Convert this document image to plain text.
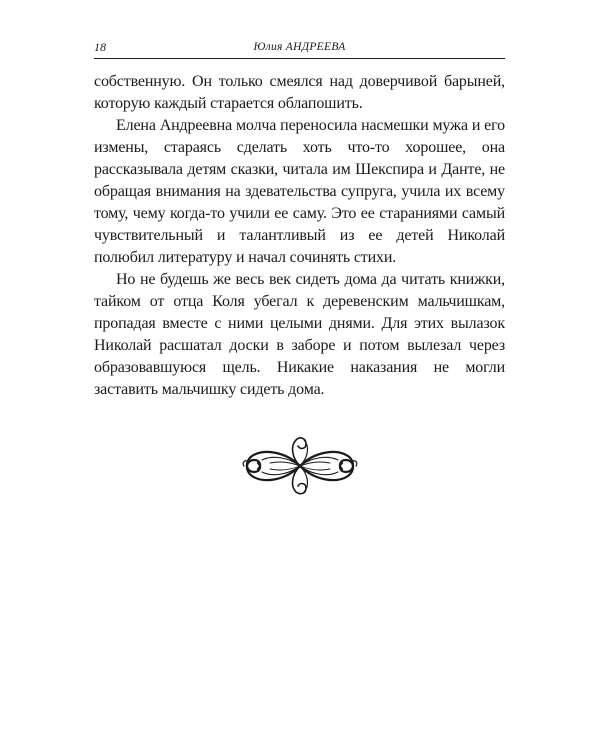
18	Юлия АНДРЕЕВА

собственную. Он только смеялся над доверчивой барыней, которую каждый старается облапошить.

Елена Андреевна молча переносила насмешки мужа и его измены, стараясь сделать хоть что-то хорошее, она рассказывала детям сказки, читала им Шекспира и Данте, не обращая внимания на здевательства супруга, учила их всему тому, чему когда-то учили ее саму. Это ее стараниями самый чувствительный и талантливый из ее детей Николай полюбил литературу и начал сочинять стихи.

Но не будешь же весь век сидеть дома да читать книжки, тайком от отца Коля убегал к деревенским мальчишкам, пропадая вместе с ними целыми днями. Для этих вылазок Николай расшатал доски в заборе и потом вылезал через образовавшуюся щель. Никакие наказания не могли заставить мальчишку сидеть дома.
